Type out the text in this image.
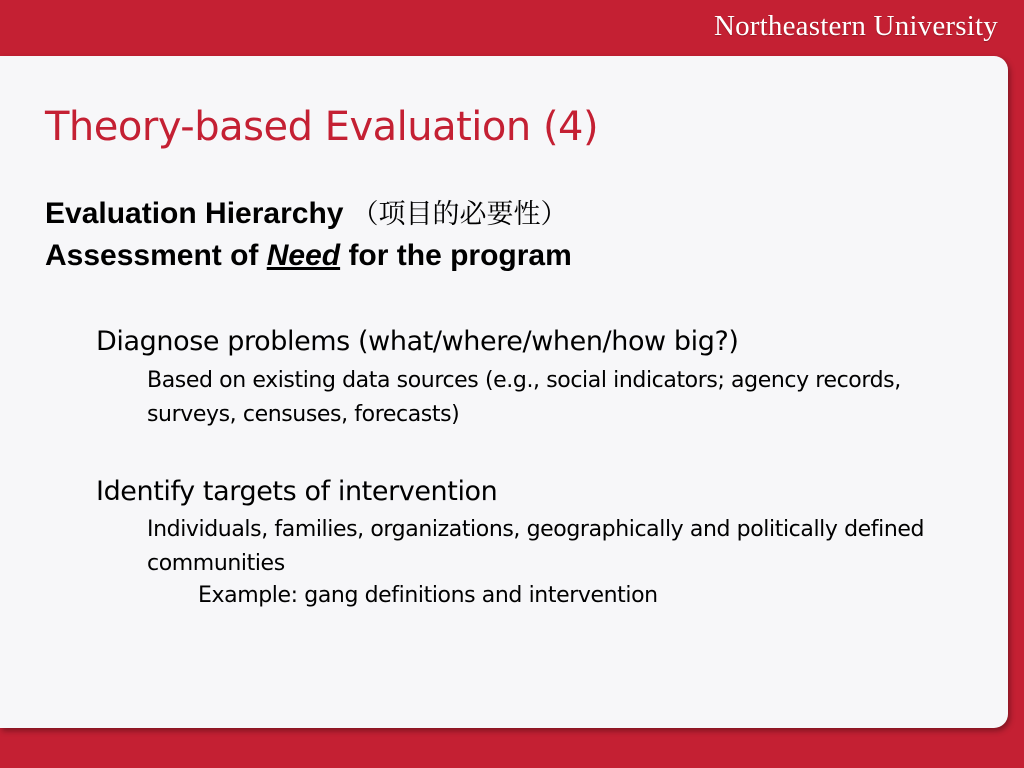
Northeastern University
Theory-based Evaluation (4)
Evaluation Hierarchy （项目的必要性）
Assessment of Need for the program
Diagnose problems (what/where/when/how big?)
Based on existing data sources (e.g., social indicators; agency records, surveys, censuses, forecasts)
Identify targets of intervention
Individuals, families, organizations, geographically and politically defined communities
Example: gang definitions and intervention
